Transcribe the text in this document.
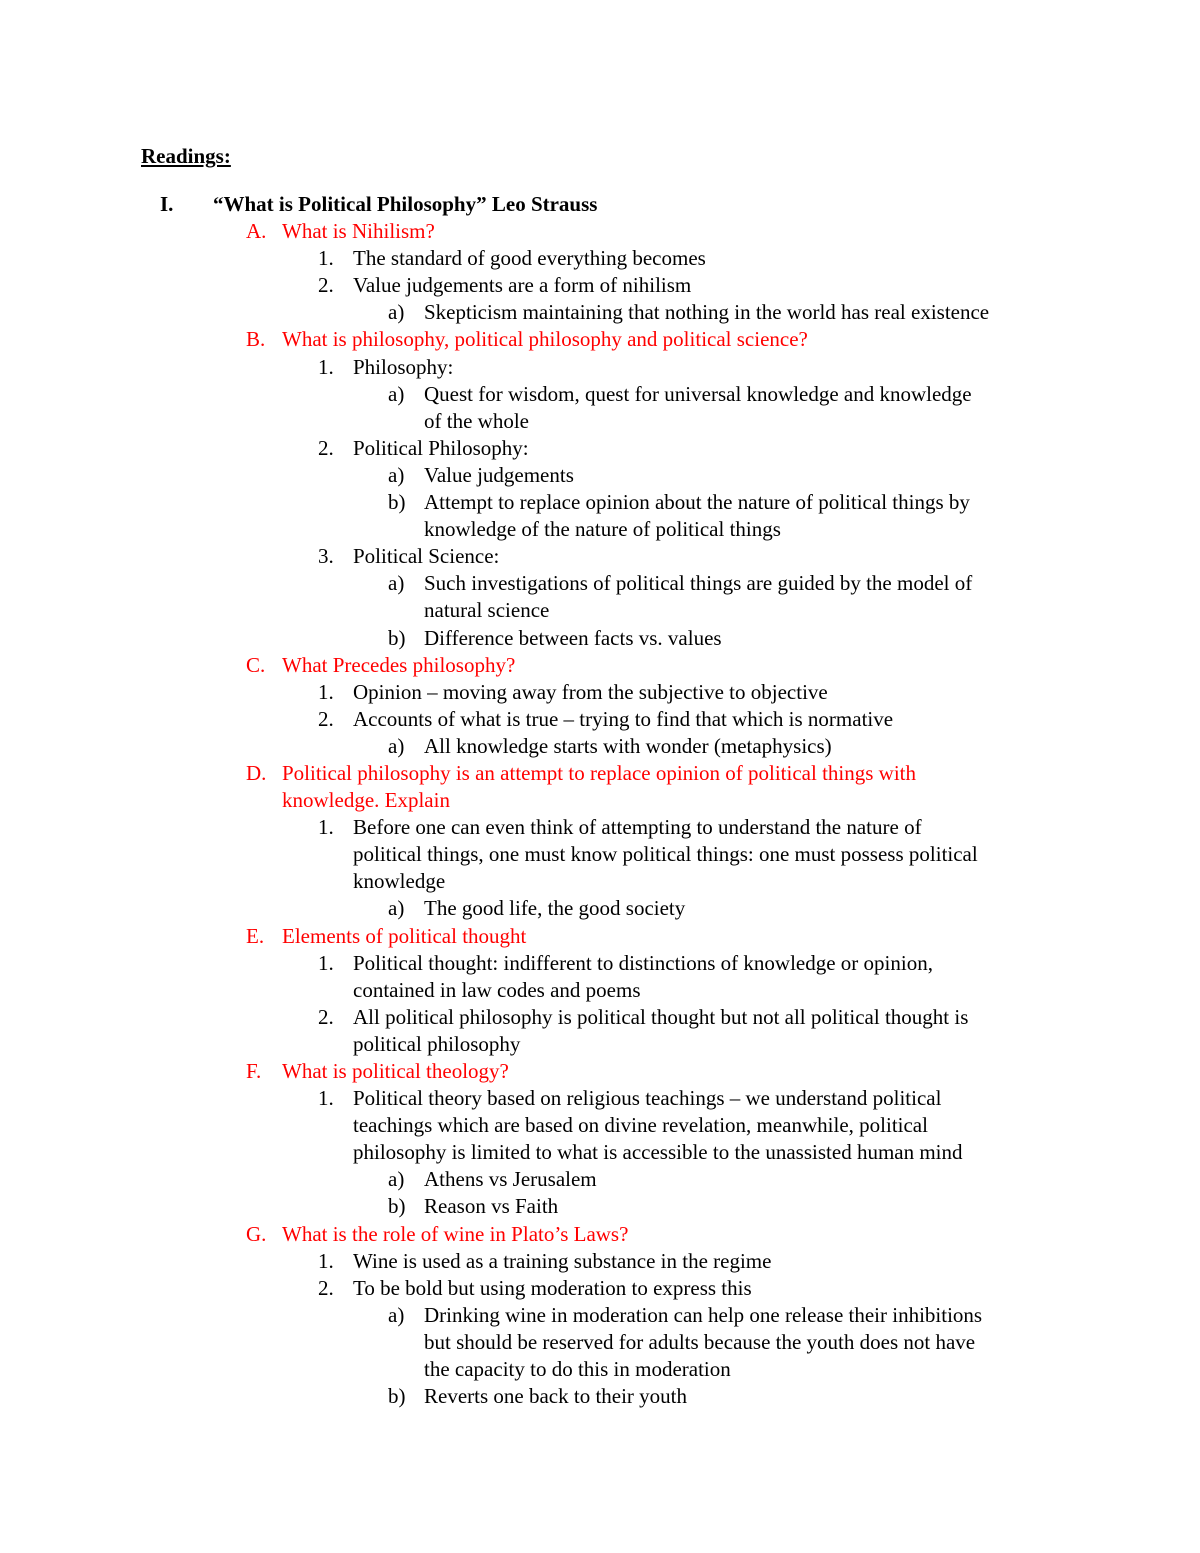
Readings:
I. “What is Political Philosophy” Leo Strauss
A. What is Nihilism?
1. The standard of good everything becomes
2. Value judgements are a form of nihilism
a) Skepticism maintaining that nothing in the world has real existence
B. What is philosophy, political philosophy and political science?
1. Philosophy:
a) Quest for wisdom, quest for universal knowledge and knowledge
of the whole
2. Political Philosophy:
a) Value judgements
b) Attempt to replace opinion about the nature of political things by
knowledge of the nature of political things
3. Political Science:
a) Such investigations of political things are guided by the model of
natural science
b) Difference between facts vs. values
C. What Precedes philosophy?
1. Opinion – moving away from the subjective to objective
2. Accounts of what is true – trying to find that which is normative
a) All knowledge starts with wonder (metaphysics)
D. Political philosophy is an attempt to replace opinion of political things with
knowledge. Explain
1. Before one can even think of attempting to understand the nature of
political things, one must know political things: one must possess political
knowledge
a) The good life, the good society
E. Elements of political thought
1. Political thought: indifferent to distinctions of knowledge or opinion,
contained in law codes and poems
2. All political philosophy is political thought but not all political thought is
political philosophy
F. What is political theology?
1. Political theory based on religious teachings – we understand political
teachings which are based on divine revelation, meanwhile, political
philosophy is limited to what is accessible to the unassisted human mind
a) Athens vs Jerusalem
b) Reason vs Faith
G. What is the role of wine in Plato’s Laws?
1. Wine is used as a training substance in the regime
2. To be bold but using moderation to express this
a) Drinking wine in moderation can help one release their inhibitions
but should be reserved for adults because the youth does not have
the capacity to do this in moderation
b) Reverts one back to their youth
